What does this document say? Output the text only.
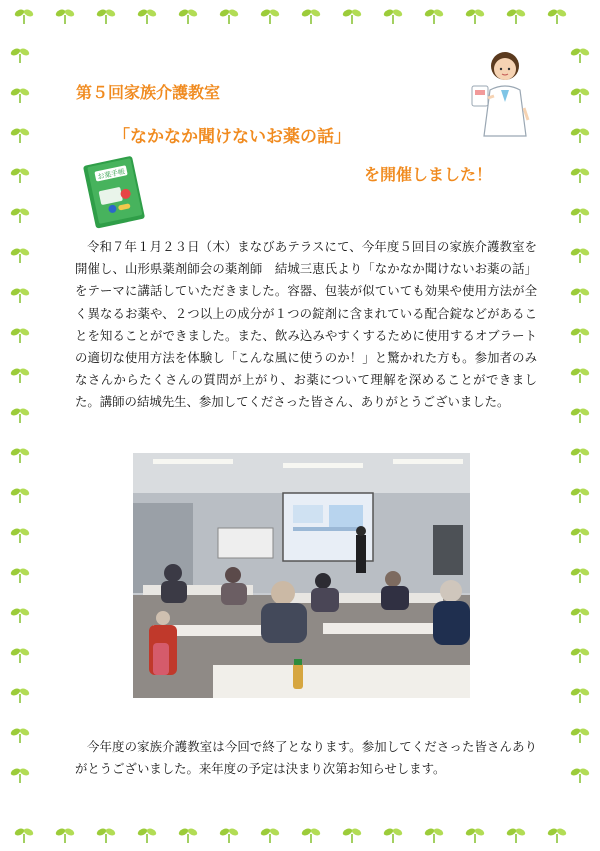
第５回家族介護教室
「なかなか聞けないお薬の話」
を開催しました！
お薬手帳
令和７年１月２３日（木）まなびあテラスにて、今年度５回目の家族介護教室を開催し、山形県薬剤師会の薬剤師　結城三恵氏より「なかなか聞けないお薬の話」をテーマに講話していただきました。容器、包装が似ていても効果や使用方法が全く異なるお薬や、２つ以上の成分が１つの錠剤に含まれている配合錠などがあることを知ることができました。また、飲み込みやすくするために使用するオブラートの適切な使用方法を体験し「こんな風に使うのか！」と驚かれた方も。参加者のみなさんからたくさんの質問が上がり、お薬について理解を深めることができました。講師の結城先生、参加してくださった皆さん、ありがとうございました。
今年度の家族介護教室は今回で終了となります。参加してくださった皆さんありがとうございました。来年度の予定は決まり次第お知らせします。
